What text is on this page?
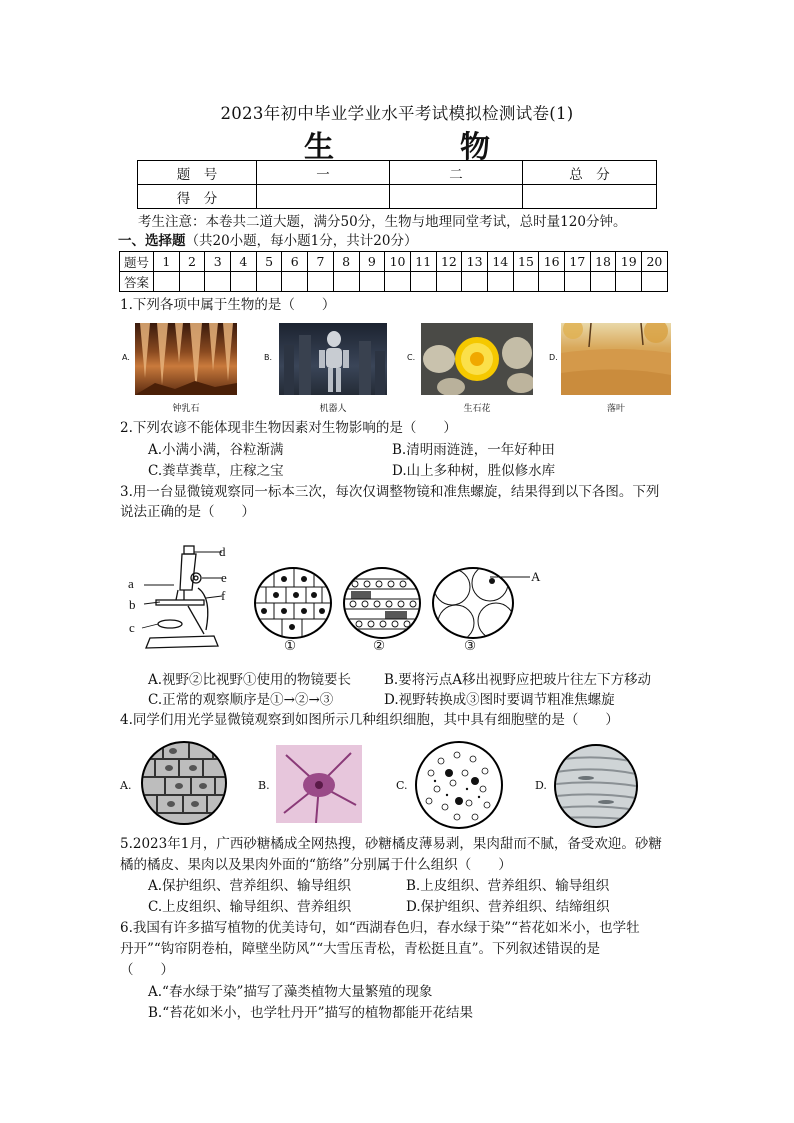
2023年初中毕业学业水平考试模拟检测试卷(1)
生　物
题　号	一	二	总　分
得　分			
考生注意：本卷共二道大题，满分50分，生物与地理同堂考试，总时量120分钟。
一、选择题（共20小题，每小题1分，共计20分）
题号	1	2	3	4	5	6	7	8	9	10	11	12	13	14	15	16	17	18	19	20
答案																				
1.下列各项中属于生物的是（　　）
A.
钟乳石
B.
机器人
C.
生石花
D.
落叶
2.下列农谚不能体现非生物因素对生物影响的是（　　）
A.小满小满，谷粒渐满	B.清明雨涟涟，一年好种田
C.粪草粪草，庄稼之宝	D.山上多种树，胜似修水库
3.用一台显微镜观察同一标本三次，每次仅调整物镜和准焦螺旋，结果得到以下各图。下列
说法正确的是（　　）
d
a	e
f
b
c
A
①	②	③
A.视野②比视野①使用的物镜要长 B.要将污点A移出视野应把玻片往左下方移动
C.正常的观察顺序是①→②→③	D.视野转换成③图时要调节粗准焦螺旋
4.同学们用光学显微镜观察到如图所示几种组织细胞，其中具有细胞壁的是（　　）
A.	B.	C.	D.
5.2023年1月，广西砂糖橘成全网热搜，砂糖橘皮薄易剥，果肉甜而不腻，备受欢迎。砂糖
橘的橘皮、果肉以及果肉外面的“筋络”分别属于什么组织（　　）
A.保护组织、营养组织、输导组织	B.上皮组织、营养组织、输导组织
C.上皮组织、输导组织、营养组织	D.保护组织、营养组织、结缔组织
6.我国有许多描写植物的优美诗句，如“西湖春色归，春水绿于染”“苔花如米小，也学牡
丹开”“钩帘阴卷柏，障壁坐防风”“大雪压青松，青松挺且直”。下列叙述错误的是
（　　）
A.“春水绿于染”描写了藻类植物大量繁殖的现象
B.“苔花如米小，也学牡丹开”描写的植物都能开花结果
